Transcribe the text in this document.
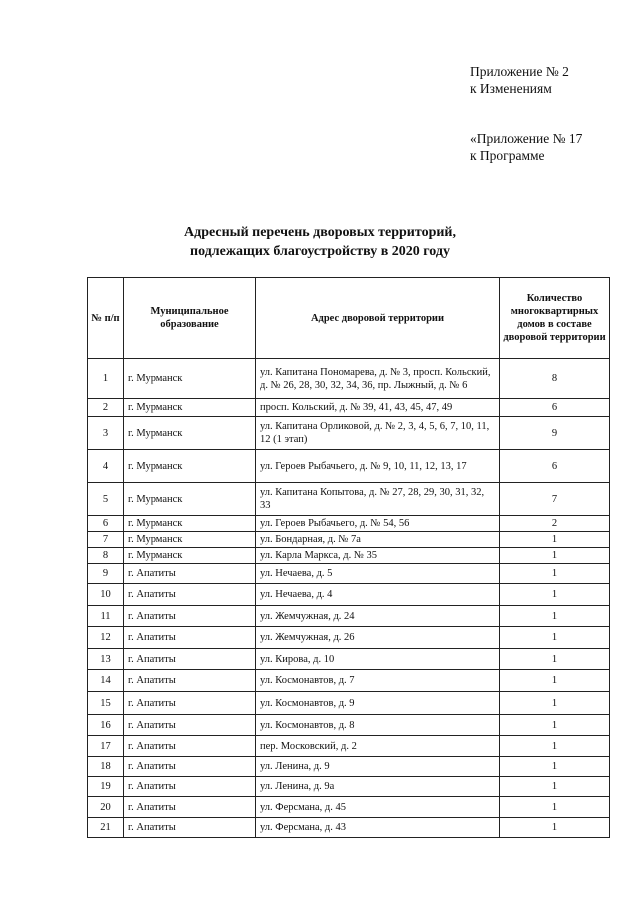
Приложение № 2
к Изменениям
«Приложение № 17
к Программе
Адресный перечень дворовых территорий,
подлежащих благоустройству в 2020 году
№ п/п	Муниципальное образование	Адрес дворовой территории	Количество многоквартирных домов в составе дворовой территории
1	г. Мурманск	ул. Капитана Пономарева, д. № 3, просп. Кольский, д. № 26, 28, 30, 32, 34, 36, пр. Лыжный, д. № 6	8
2	г. Мурманск	просп. Кольский, д. № 39, 41, 43, 45, 47, 49	6
3	г. Мурманск	ул. Капитана Орликовой, д. № 2, 3, 4, 5, 6, 7, 10, 11, 12 (1 этап)	9
4	г. Мурманск	ул. Героев Рыбачьего, д. № 9, 10, 11, 12, 13, 17	6
5	г. Мурманск	ул. Капитана Копытова, д. № 27, 28, 29, 30, 31, 32, 33	7
6	г. Мурманск	ул. Героев Рыбачьего, д. № 54, 56	2
7	г. Мурманск	ул. Бондарная, д. № 7а	1
8	г. Мурманск	ул. Карла Маркса, д. № 35	1
9	г. Апатиты	ул. Нечаева, д. 5	1
10	г. Апатиты	ул. Нечаева, д. 4	1
11	г. Апатиты	ул. Жемчужная, д. 24	1
12	г. Апатиты	ул. Жемчужная, д. 26	1
13	г. Апатиты	ул. Кирова, д. 10	1
14	г. Апатиты	ул. Космонавтов, д. 7	1
15	г. Апатиты	ул. Космонавтов, д. 9	1
16	г. Апатиты	ул. Космонавтов, д. 8	1
17	г. Апатиты	пер. Московский, д. 2	1
18	г. Апатиты	ул. Ленина, д. 9	1
19	г. Апатиты	ул. Ленина, д. 9а	1
20	г. Апатиты	ул. Ферсмана, д. 45	1
21	г. Апатиты	ул. Ферсмана, д. 43	1
